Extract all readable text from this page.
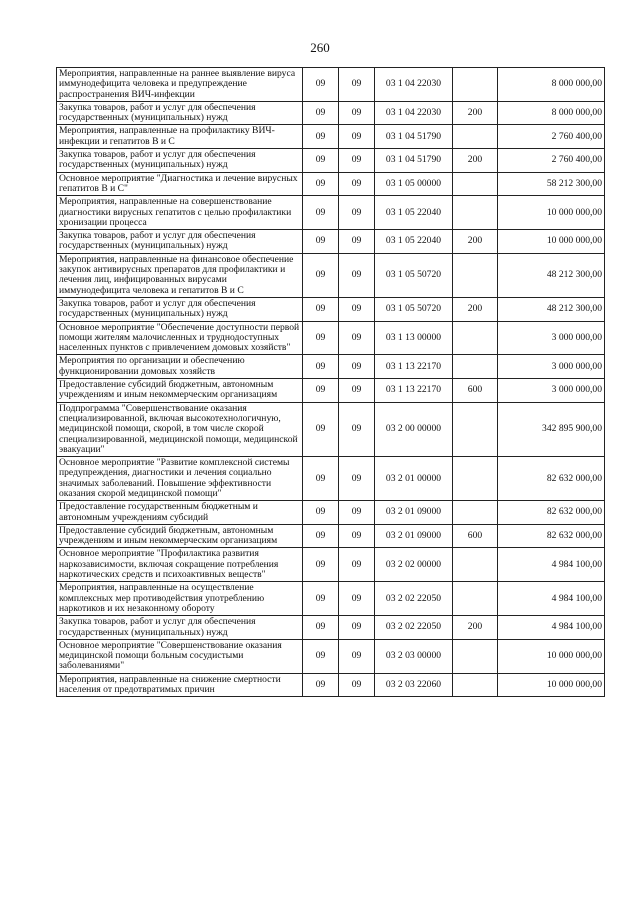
260
Мероприятия, направленные на раннее выявление вируса иммунодефицита человека и предупреждение распространения ВИЧ-инфекции	09	09	03 1 04 22030		8 000 000,00
Закупка товаров, работ и услуг для обеспечения государственных (муниципальных) нужд	09	09	03 1 04 22030	200	8 000 000,00
Мероприятия, направленные на профилактику ВИЧ-инфекции и гепатитов В и С	09	09	03 1 04 51790		2 760 400,00
Закупка товаров, работ и услуг для обеспечения государственных (муниципальных) нужд	09	09	03 1 04 51790	200	2 760 400,00
Основное мероприятие "Диагностика и лечение вирусных гепатитов В и С"	09	09	03 1 05 00000		58 212 300,00
Мероприятия, направленные на совершенствование диагностики вирусных гепатитов с целью профилактики хронизации процесса	09	09	03 1 05 22040		10 000 000,00
Закупка товаров, работ и услуг для обеспечения государственных (муниципальных) нужд	09	09	03 1 05 22040	200	10 000 000,00
Мероприятия, направленные на финансовое обеспечение закупок антивирусных препаратов для профилактики и лечения лиц, инфицированных вирусами иммунодефицита человека и гепатитов В и С	09	09	03 1 05 50720		48 212 300,00
Закупка товаров, работ и услуг для обеспечения государственных (муниципальных) нужд	09	09	03 1 05 50720	200	48 212 300,00
Основное мероприятие "Обеспечение доступности первой помощи жителям малочисленных и труднодоступных населенных пунктов с привлечением домовых хозяйств"	09	09	03 1 13 00000		3 000 000,00
Мероприятия по организации и обеспечению функционировании домовых хозяйств	09	09	03 1 13 22170		3 000 000,00
Предоставление субсидий бюджетным, автономным учреждениям и иным некоммерческим организациям	09	09	03 1 13 22170	600	3 000 000,00
Подпрограмма "Совершенствование оказания специализированной, включая высокотехнологичную, медицинской помощи, скорой, в том числе скорой специализированной, медицинской помощи, медицинской эвакуации"	09	09	03 2 00 00000		342 895 900,00
Основное мероприятие "Развитие комплексной системы предупреждения, диагностики и лечения социально значимых заболеваний. Повышение эффективности оказания скорой медицинской помощи"	09	09	03 2 01 00000		82 632 000,00
Предоставление государственным бюджетным и автономным учреждениям субсидий	09	09	03 2 01 09000		82 632 000,00
Предоставление субсидий бюджетным, автономным учреждениям и иным некоммерческим организациям	09	09	03 2 01 09000	600	82 632 000,00
Основное мероприятие "Профилактика развития наркозависимости, включая сокращение потребления наркотических средств и психоактивных веществ"	09	09	03 2 02 00000		4 984 100,00
Мероприятия, направленные на осуществление комплексных мер противодействия употреблению наркотиков и их незаконному обороту	09	09	03 2 02 22050		4 984 100,00
Закупка товаров, работ и услуг для обеспечения государственных (муниципальных) нужд	09	09	03 2 02 22050	200	4 984 100,00
Основное мероприятие "Совершенствование оказания медицинской помощи больным сосудистыми заболеваниями"	09	09	03 2 03 00000		10 000 000,00
Мероприятия, направленные на снижение смертности населения от предотвратимых причин	09	09	03 2 03 22060		10 000 000,00
